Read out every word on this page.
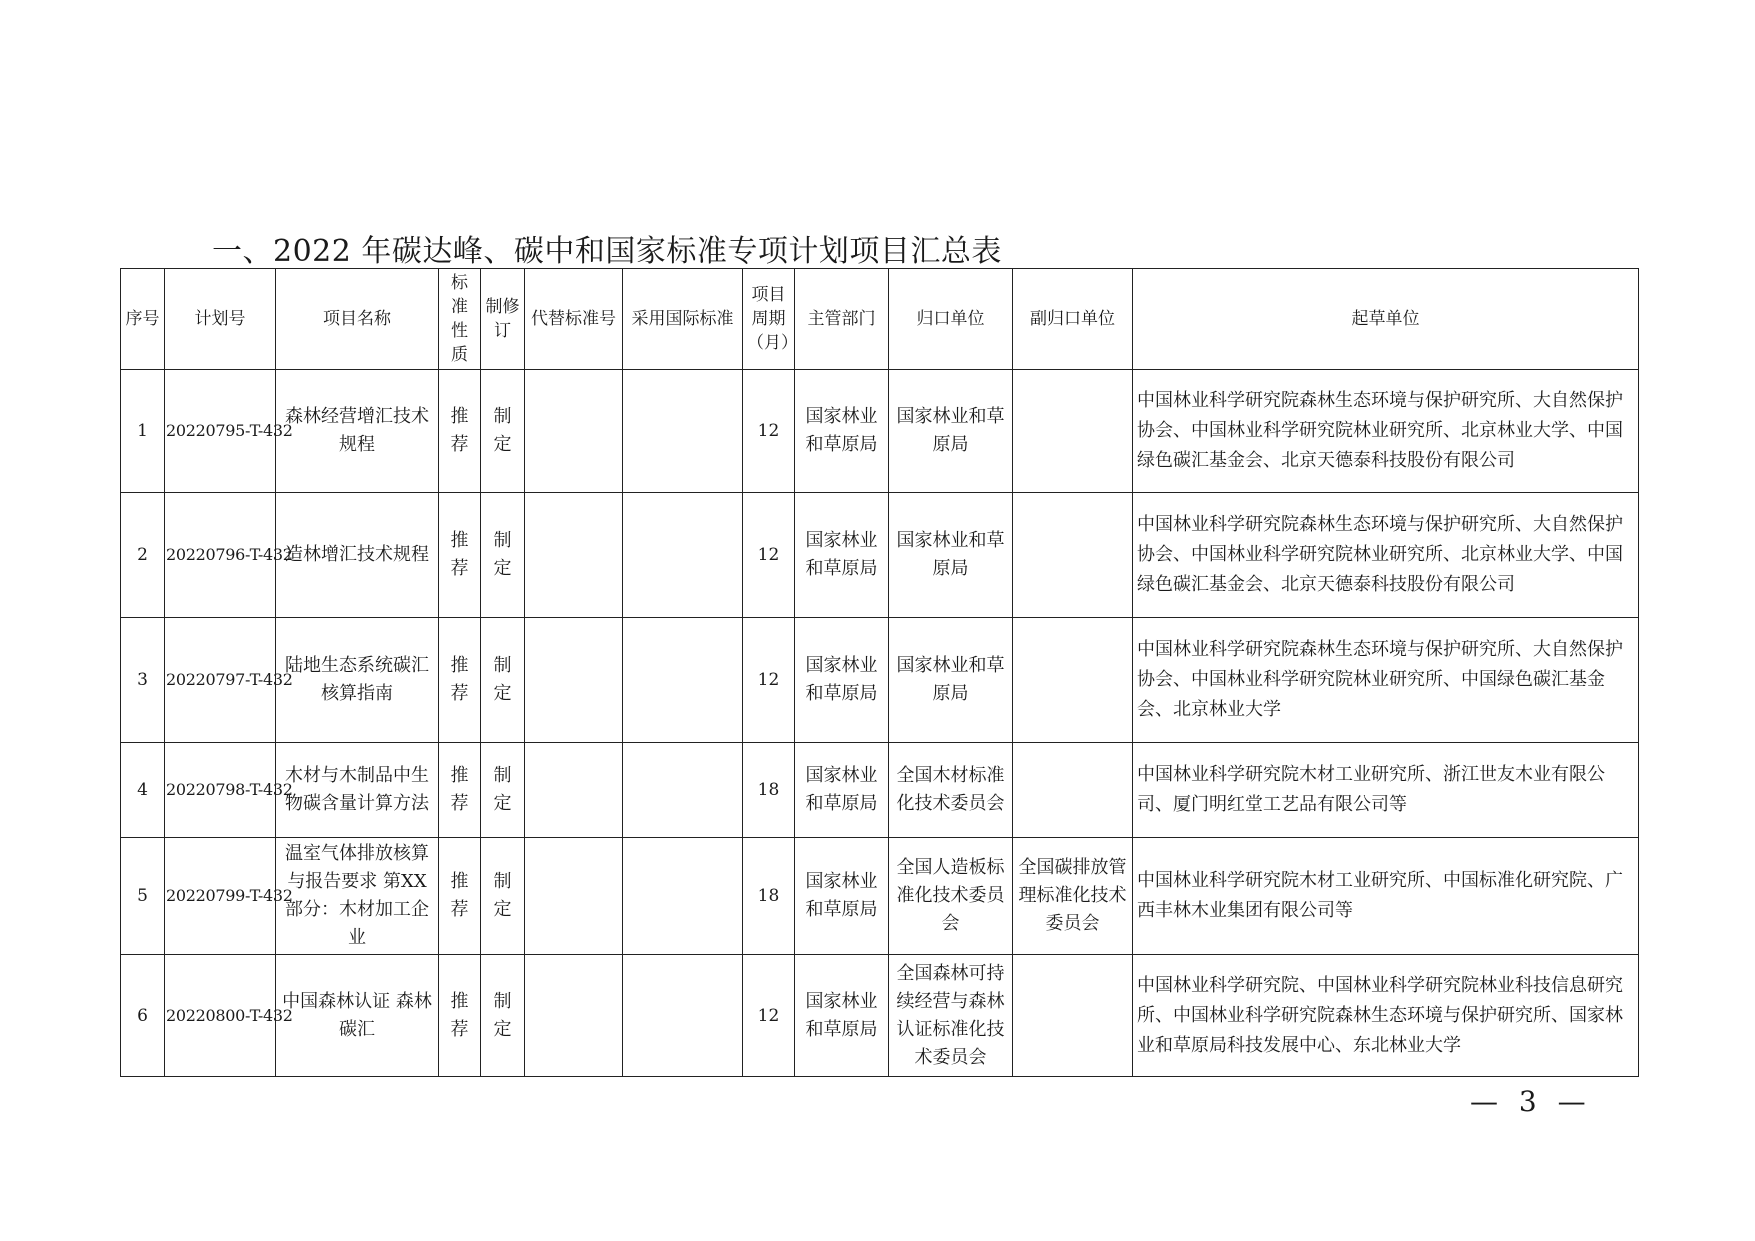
一、2022 年碳达峰、碳中和国家标准专项计划项目汇总表
序号	计划号	项目名称	标准性质	制修订	代替标准号	采用国际标准	项目周期（月）	主管部门	归口单位	副归口单位	起草单位
1	20220795-T-432	森林经营增汇技术规程	推荐	制定			12	国家林业和草原局	国家林业和草原局		中国林业科学研究院森林生态环境与保护研究所、大自然保护协会、中国林业科学研究院林业研究所、北京林业大学、中国绿色碳汇基金会、北京天德泰科技股份有限公司
2	20220796-T-432	造林增汇技术规程	推荐	制定			12	国家林业和草原局	国家林业和草原局		中国林业科学研究院森林生态环境与保护研究所、大自然保护协会、中国林业科学研究院林业研究所、北京林业大学、中国绿色碳汇基金会、北京天德泰科技股份有限公司
3	20220797-T-432	陆地生态系统碳汇核算指南	推荐	制定			12	国家林业和草原局	国家林业和草原局		中国林业科学研究院森林生态环境与保护研究所、大自然保护协会、中国林业科学研究院林业研究所、中国绿色碳汇基金会、北京林业大学
4	20220798-T-432	木材与木制品中生物碳含量计算方法	推荐	制定			18	国家林业和草原局	全国木材标准化技术委员会		中国林业科学研究院木材工业研究所、浙江世友木业有限公司、厦门明红堂工艺品有限公司等
5	20220799-T-432	温室气体排放核算与报告要求 第XX部分：木材加工企业	推荐	制定			18	国家林业和草原局	全国人造板标准化技术委员会	全国碳排放管理标准化技术委员会	中国林业科学研究院木材工业研究所、中国标准化研究院、广西丰林木业集团有限公司等
6	20220800-T-432	中国森林认证 森林碳汇	推荐	制定			12	国家林业和草原局	全国森林可持续经营与森林认证标准化技术委员会		中国林业科学研究院、中国林业科学研究院林业科技信息研究所、中国林业科学研究院森林生态环境与保护研究所、国家林业和草原局科技发展中心、东北林业大学
— 3 —
